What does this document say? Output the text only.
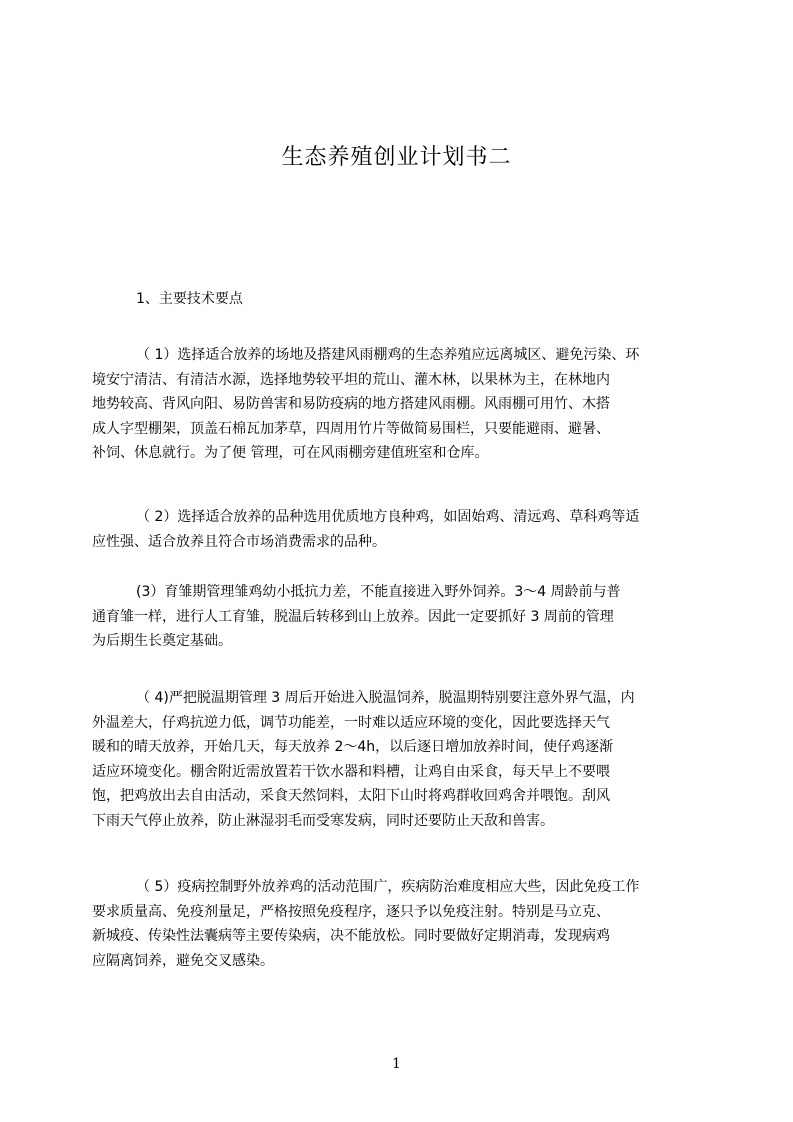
生态养殖创业计划书二
1、主要技术要点
（ 1）选择适合放养的场地及搭建风雨棚鸡的生态养殖应远离城区、避免污染、环
境安宁清洁、有清洁水源，选择地势较平坦的荒山、灌木林，以果林为主，在林地内
地势较高、背风向阳、易防兽害和易防疫病的地方搭建风雨棚。风雨棚可用竹、木搭
成人字型棚架，顶盖石棉瓦加茅草，四周用竹片等做简易围栏，只要能避雨、避暑、
补饲、休息就行。为了便 管理，可在风雨棚旁建值班室和仓库。
（ 2）选择适合放养的品种选用优质地方良种鸡，如固始鸡、清远鸡、草科鸡等适
应性强、适合放养且符合市场消费需求的品种。
(3）育雏期管理雏鸡幼小抵抗力差，不能直接进入野外饲养。3～4 周龄前与普
通育雏一样，进行人工育雏，脱温后转移到山上放养。因此一定要抓好 3 周前的管理
为后期生长奠定基础。
（ 4)严把脱温期管理 3 周后开始进入脱温饲养，脱温期特别要注意外界气温，内
外温差大，仔鸡抗逆力低，调节功能差，一时难以适应环境的变化，因此要选择天气
暖和的晴天放养，开始几天，每天放养 2～4h，以后逐日增加放养时间，使仔鸡逐渐
适应环境变化。棚舍附近需放置若干饮水器和料槽，让鸡自由采食，每天早上不要喂
饱，把鸡放出去自由活动，采食天然饲料，太阳下山时将鸡群收回鸡舍并喂饱。刮风
下雨天气停止放养，防止淋湿羽毛而受寒发病，同时还要防止天敌和兽害。
（ 5）疫病控制野外放养鸡的活动范围广，疾病防治难度相应大些，因此免疫工作
要求质量高、免疫剂量足，严格按照免疫程序，逐只予以免疫注射。特别是马立克、
新城疫、传染性法囊病等主要传染病，决不能放松。同时要做好定期消毒，发现病鸡
应隔离饲养，避免交叉感染。
1
